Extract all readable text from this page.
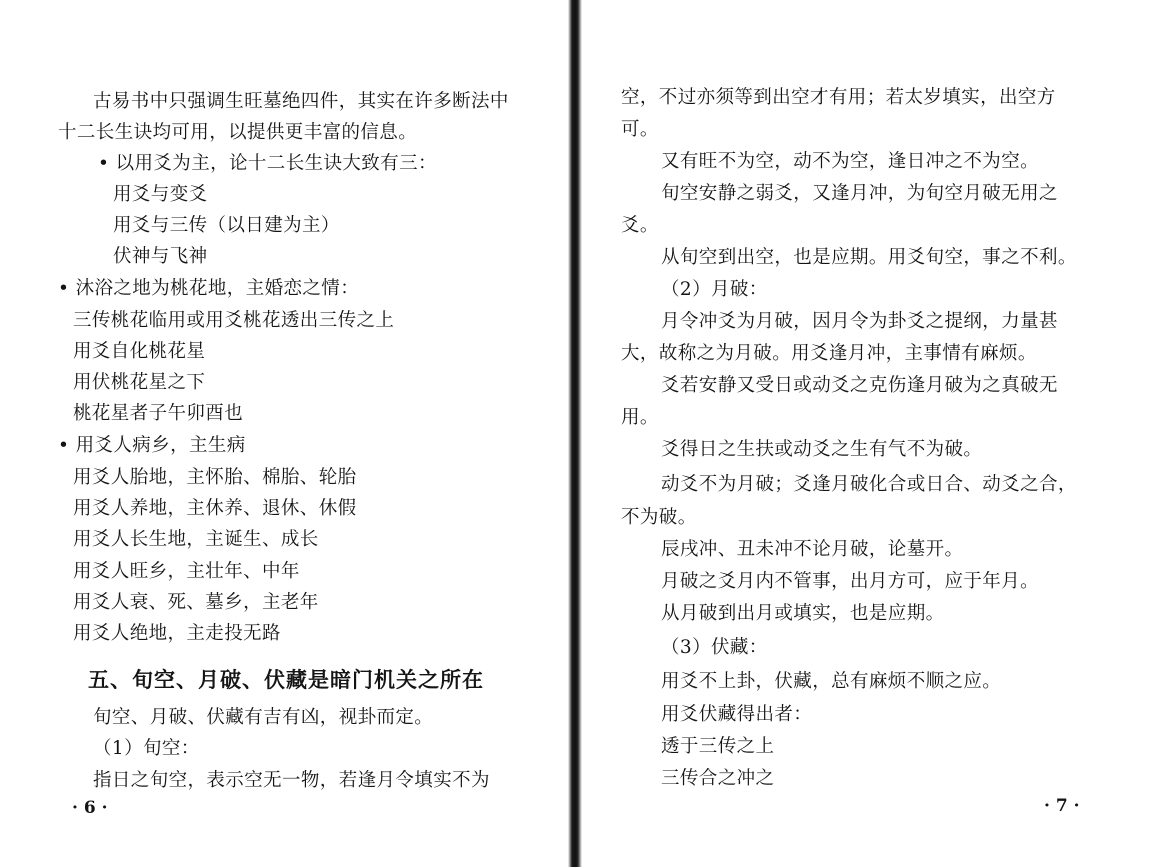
古易书中只强调生旺墓绝四件，其实在许多断法中
十二长生诀均可用，以提供更丰富的信息。
• 以用爻为主，论十二长生诀大致有三：
用爻与变爻
用爻与三传（以日建为主）
伏神与飞神
• 沐浴之地为桃花地，主婚恋之情：
三传桃花临用或用爻桃花透出三传之上
用爻自化桃花星
用伏桃花星之下
桃花星者子午卯酉也
• 用爻人病乡，主生病
用爻人胎地，主怀胎、棉胎、轮胎
用爻人养地，主休养、退休、休假
用爻人长生地，主诞生、成长
用爻人旺乡，主壮年、中年
用爻人衰、死、墓乡，主老年
用爻人绝地，主走投无路
五、旬空、月破、伏藏是暗门机关之所在
旬空、月破、伏藏有吉有凶，视卦而定。
（1）旬空：
指日之旬空，表示空无一物，若逢月令填实不为
· 6 ·
空，不过亦须等到出空才有用；若太岁填实，出空方
可。
又有旺不为空，动不为空，逢日冲之不为空。
旬空安静之弱爻，又逢月冲，为旬空月破无用之
爻。
从旬空到出空，也是应期。用爻旬空，事之不利。
（2）月破：
月令冲爻为月破，因月令为卦爻之提纲，力量甚
大，故称之为月破。用爻逢月冲，主事情有麻烦。
爻若安静又受日或动爻之克伤逢月破为之真破无
用。
爻得日之生扶或动爻之生有气不为破。
动爻不为月破；爻逢月破化合或日合、动爻之合，
不为破。
辰戌冲、丑未冲不论月破，论墓开。
月破之爻月内不管事，出月方可，应于年月。
从月破到出月或填实，也是应期。
（3）伏藏：
用爻不上卦，伏藏，总有麻烦不顺之应。
用爻伏藏得出者：
透于三传之上
三传合之冲之
· 7 ·
